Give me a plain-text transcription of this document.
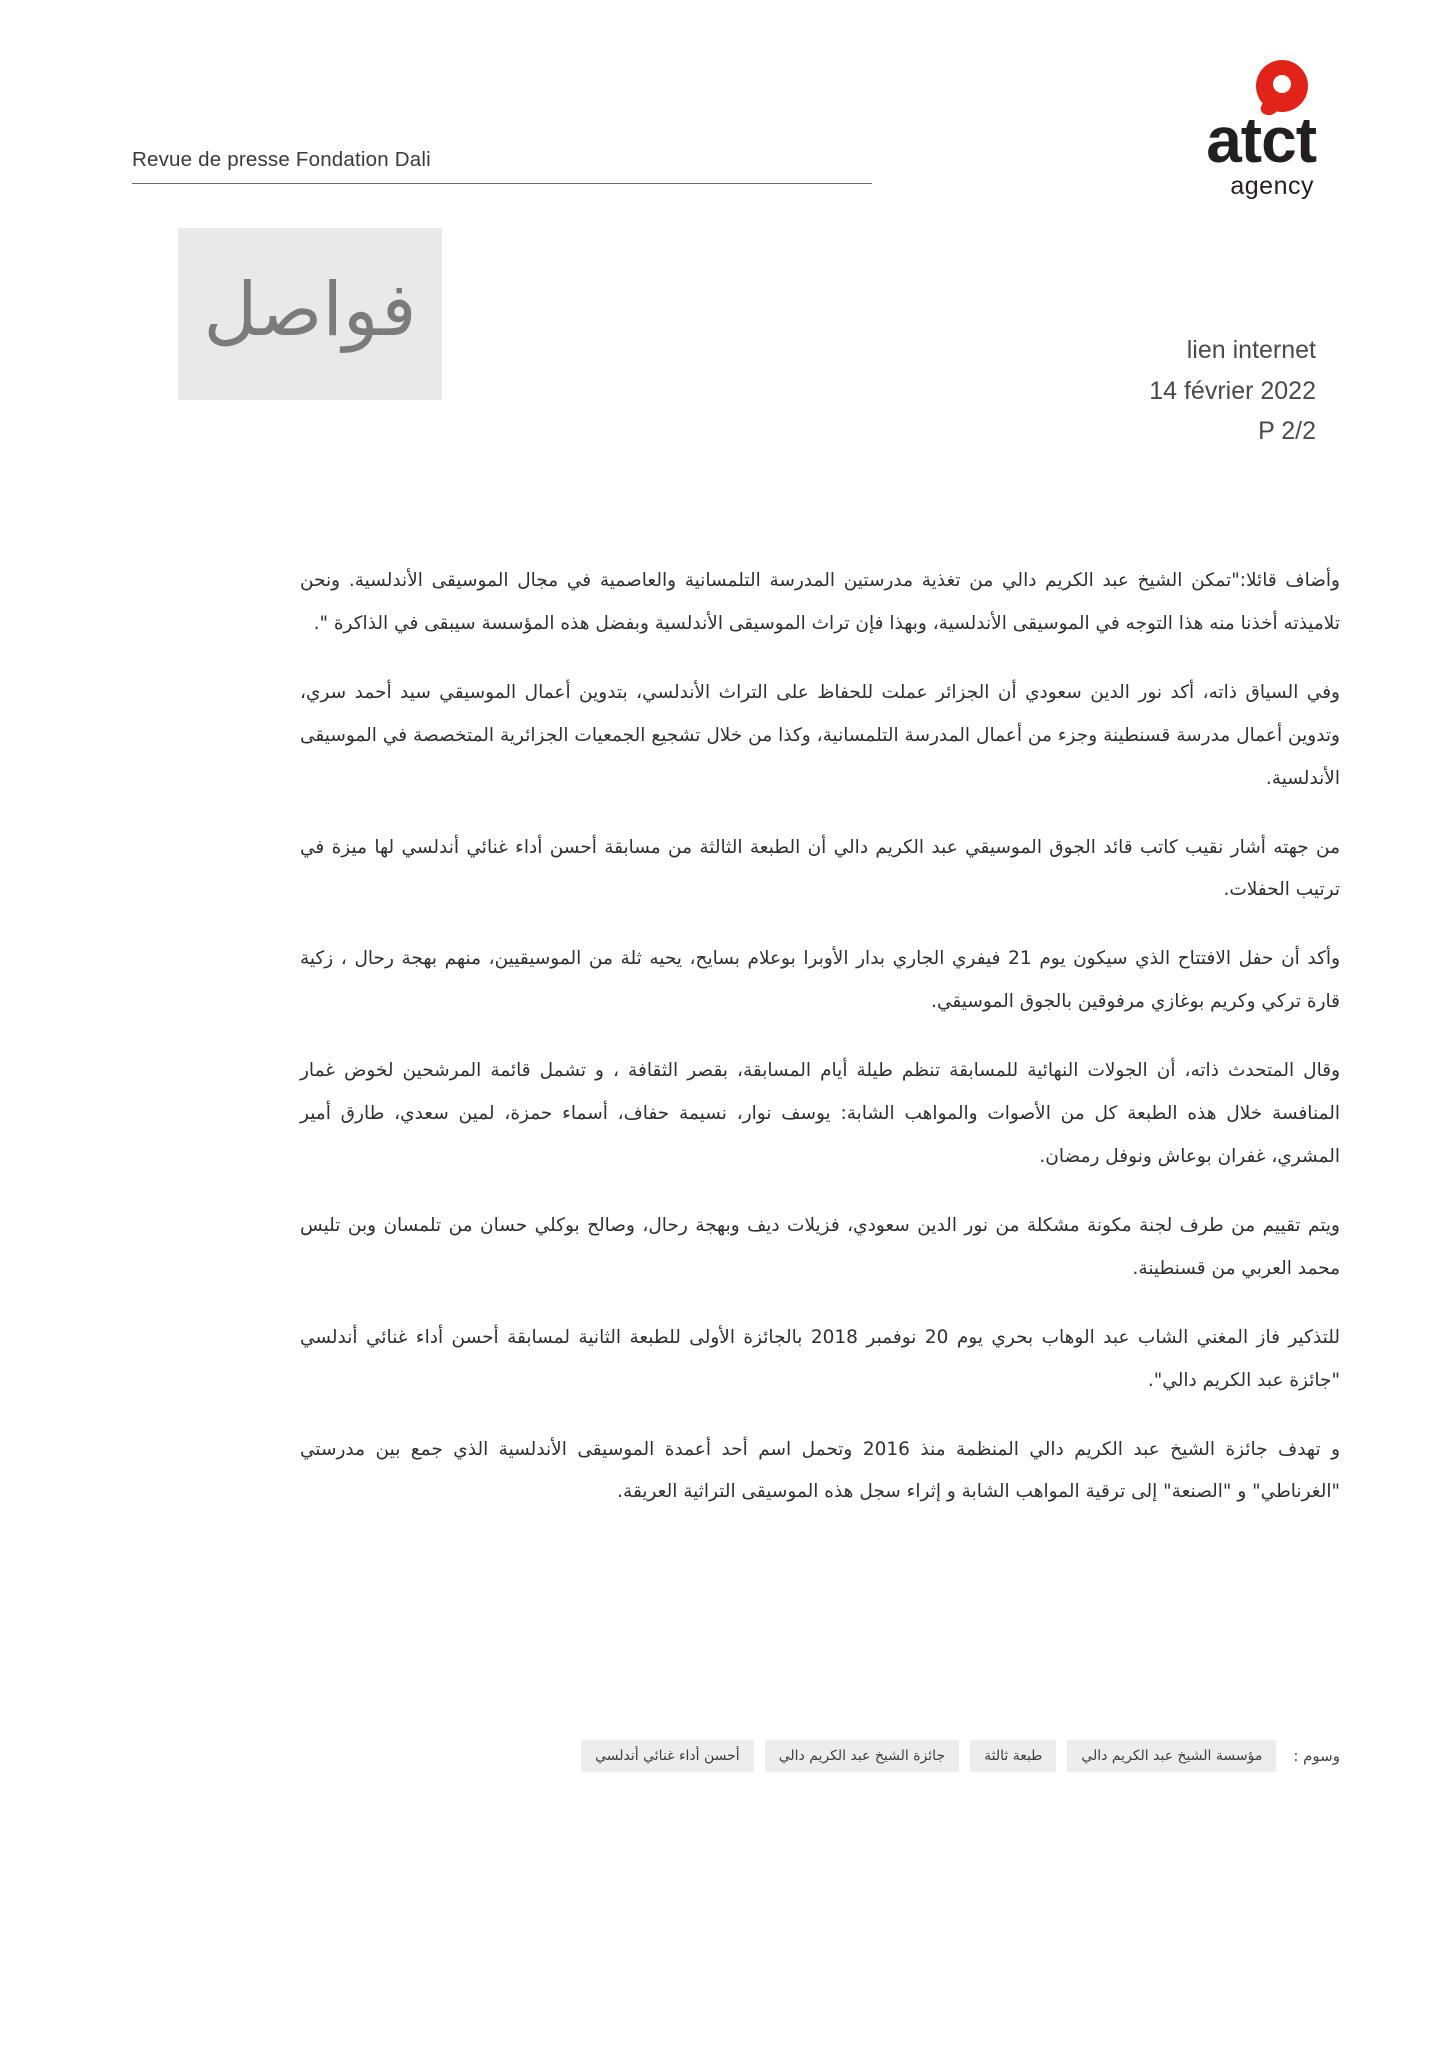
Revue de presse Fondation Dali	atct
agency
فواصل	lien internet
14 février 2022
P 2/2

وأضاف قائلا:"تمكن الشيخ عبد الكريم دالي من تغذية مدرستين المدرسة التلمسانية والعاصمية في مجال الموسيقى الأندلسية. ونحن تلاميذته أخذنا منه هذا التوجه في الموسيقى الأندلسية، وبهذا فإن تراث الموسيقى الأندلسية وبفضل هذه المؤسسة سيبقى في الذاكرة ".

وفي السياق ذاته، أكد نور الدين سعودي أن الجزائر عملت للحفاظ على التراث الأندلسي، بتدوين أعمال الموسيقي سيد أحمد سري، وتدوين أعمال مدرسة قسنطينة وجزء من أعمال المدرسة التلمسانية، وكذا من خلال تشجيع الجمعيات الجزائرية المتخصصة في الموسيقى الأندلسية.

من جهته أشار نقيب كاتب قائد الجوق الموسيقي عبد الكريم دالي أن الطبعة الثالثة من مسابقة أحسن أداء غنائي أندلسي لها ميزة في ترتيب الحفلات.

وأكد أن حفل الافتتاح الذي سيكون يوم 21 فيفري الجاري بدار الأوبرا بوعلام بسايح، يحيه ثلة من الموسيقيين، منهم بهجة رحال ، زكية قارة تركي وكريم بوغازي مرفوقين بالجوق الموسيقي.

وقال المتحدث ذاته، أن الجولات النهائية للمسابقة تنظم طيلة أيام المسابقة، بقصر الثقافة ، و تشمل قائمة المرشحين لخوض غمار المنافسة خلال هذه الطبعة كل من الأصوات والمواهب الشابة: يوسف نوار، نسيمة حفاف، أسماء حمزة، لمين سعدي، طارق أمير المشري، غفران بوعاش ونوفل رمضان.

ويتم تقييم من طرف لجنة مكونة مشكلة من نور الدين سعودي، فزيلات ديف وبهجة رحال، وصالح بوكلي حسان من تلمسان وبن تليس محمد العربي من قسنطينة.

للتذكير فاز المغني الشاب عبد الوهاب بحري يوم 20 نوفمبر 2018 بالجائزة الأولى للطبعة الثانية لمسابقة أحسن أداء غنائي أندلسي "جائزة عبد الكريم دالي".

و تهدف جائزة الشيخ عبد الكريم دالي المنظمة منذ 2016 وتحمل اسم أحد أعمدة الموسيقى الأندلسية الذي جمع بين مدرستي "الغرناطي" و "الصنعة" إلى ترقية المواهب الشابة و إثراء سجل هذه الموسيقى التراثية العريقة.

وسوم :
مؤسسة الشيخ عبد الكريم دالي
طبعة ثالثة
جائزة الشيخ عبد الكريم دالي
أحسن أداء غنائي أندلسي
